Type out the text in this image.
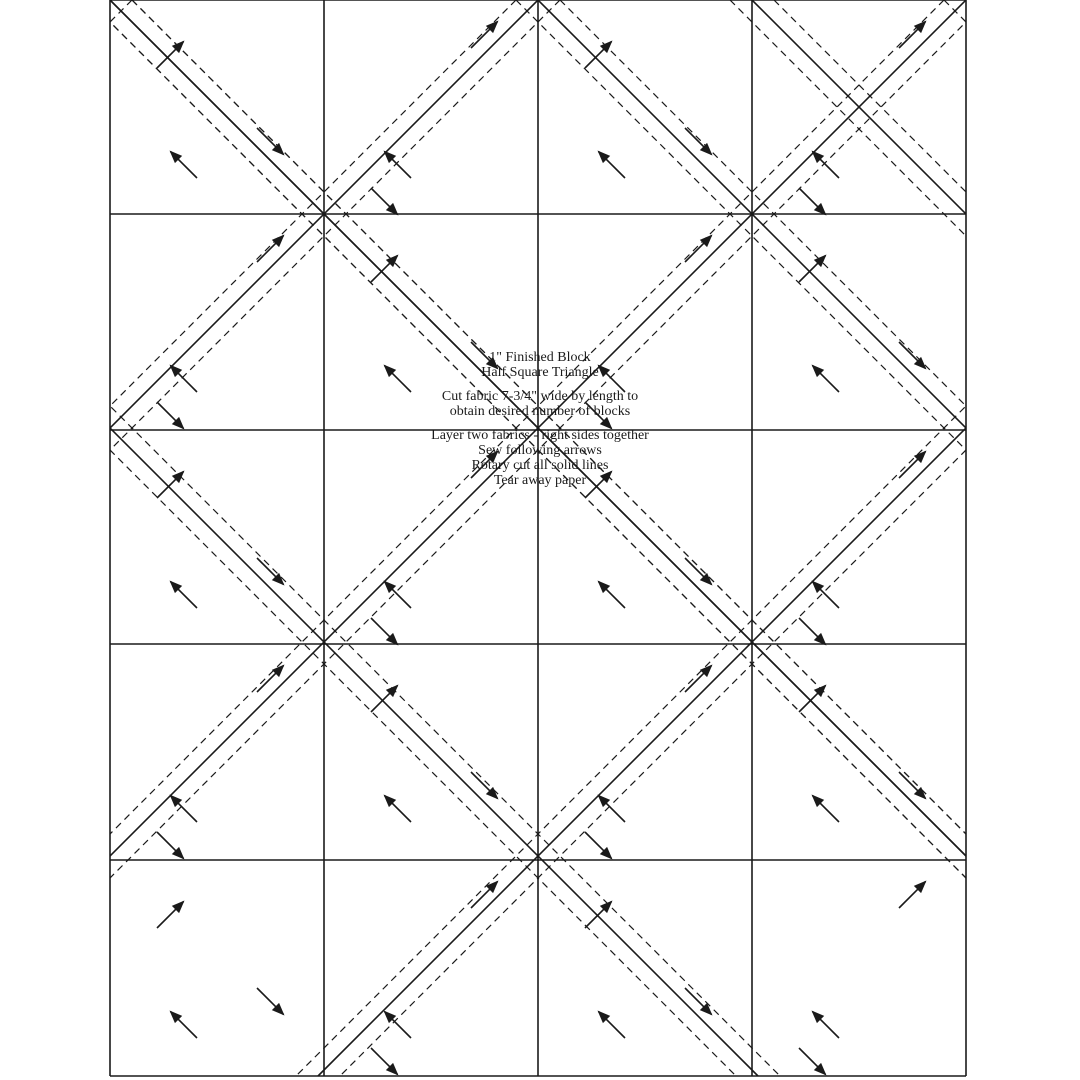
1" Finished Block
Half Square Triangle
Cut fabric 7-3/4" wide by length to
obtain desired number of blocks
Layer two fabrics - right sides together
Sew following arrows
Rotary cut all solid lines
Tear away paper
